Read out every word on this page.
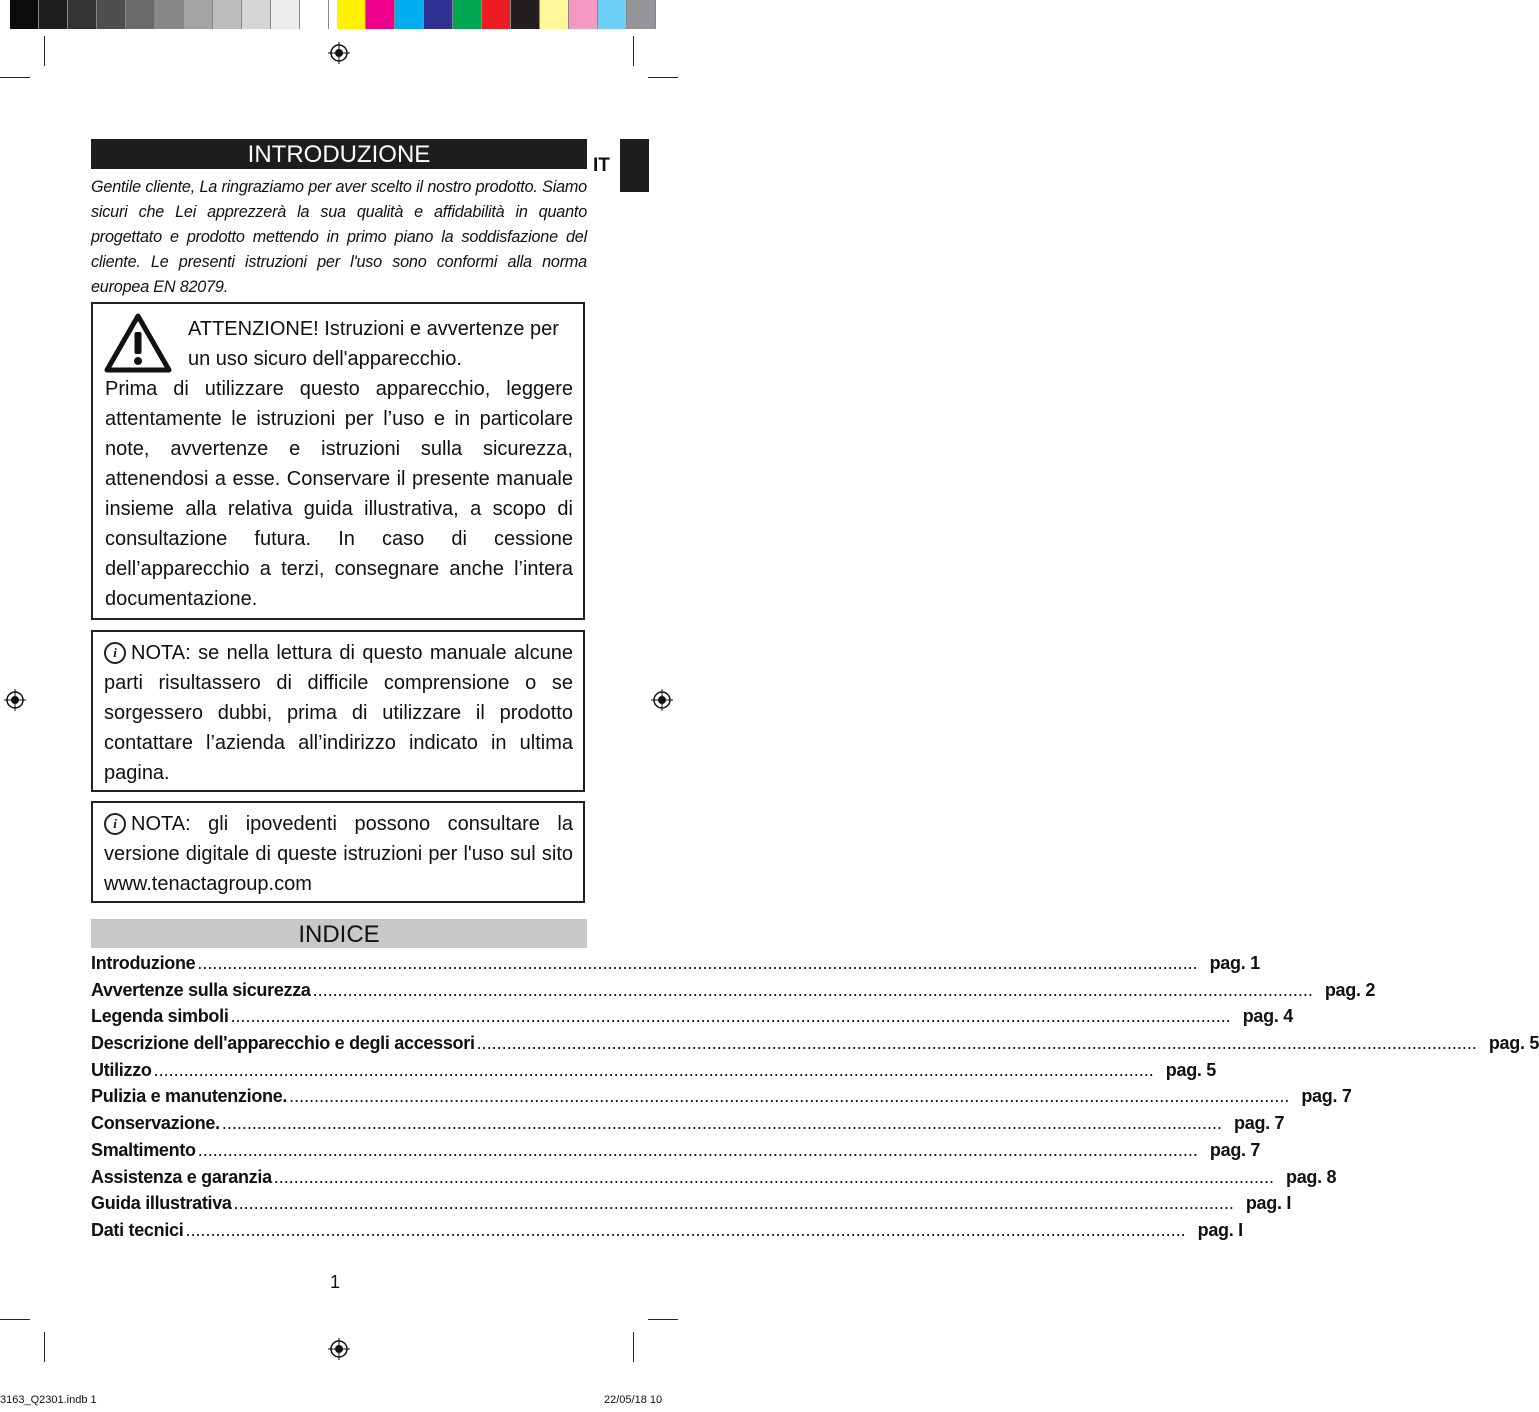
INTRODUZIONE	IT
Gentile cliente, La ringraziamo per aver scelto il nostro prodotto. Siamo sicuri che Lei apprezzerà la sua qualità e affidabilità in quanto progettato e prodotto mettendo in primo piano la soddisfazione del cliente. Le presenti istruzioni per l'uso sono conformi alla norma europea EN 82079.
ATTENZIONE! Istruzioni e avvertenze per un uso sicuro dell'apparecchio.
Prima di utilizzare questo apparecchio, leggere attentamente le istruzioni per l’uso e in particolare note, avvertenze e istruzioni sulla sicurezza, attenendosi a esse. Conservare il presente manuale insieme alla relativa guida illustrativa, a scopo di consultazione futura. In caso di cessione dell’apparecchio a terzi, consegnare anche l’intera documentazione.
i NOTA: se nella lettura di questo manuale alcune parti risultassero di difficile comprensione o se sorgessero dubbi, prima di utilizzare il prodotto contattare l’azienda all’indirizzo indicato in ultima pagina.
i NOTA: gli ipovedenti possono consultare la versione digitale di queste istruzioni per l'uso sul sito www.tenactagroup.com
INDICE
Introduzione ........................................................................................................................................................................................................ pag. 1
Avvertenze sulla sicurezza ........................................................................................................................................................................................................ pag. 2
Legenda simboli ........................................................................................................................................................................................................ pag. 4
Descrizione dell'apparecchio e degli accessori ........................................................................................................................................................................................................ pag. 5
Utilizzo ........................................................................................................................................................................................................ pag. 5
Pulizia e manutenzione. ........................................................................................................................................................................................................ pag. 7
Conservazione. ........................................................................................................................................................................................................ pag. 7
Smaltimento ........................................................................................................................................................................................................ pag. 7
Assistenza e garanzia ........................................................................................................................................................................................................ pag. 8
Guida illustrativa ........................................................................................................................................................................................................ pag. I
Dati tecnici ........................................................................................................................................................................................................ pag. I
1
3163_Q2301.indb 1	22/05/18 10
